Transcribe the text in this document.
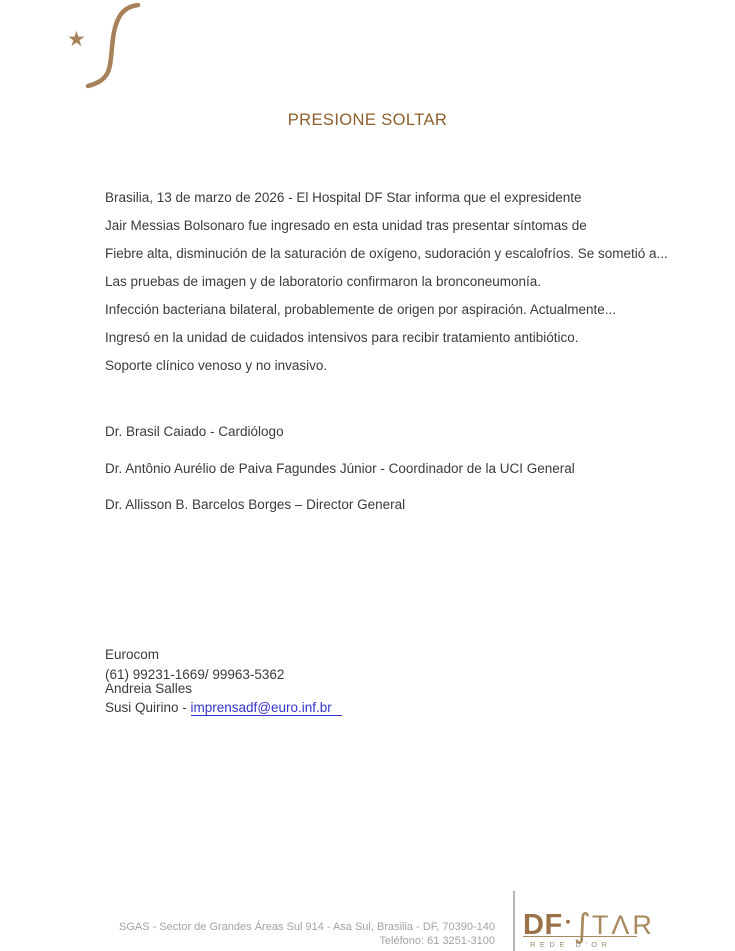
★
PRESIONE SOLTAR
Brasilia, 13 de marzo de 2026 - El Hospital DF Star informa que el expresidente
Jair Messias Bolsonaro fue ingresado en esta unidad tras presentar síntomas de
Fiebre alta, disminución de la saturación de oxígeno, sudoración y escalofríos. Se sometió a...
Las pruebas de imagen y de laboratorio confirmaron la bronconeumonía.
Infección bacteriana bilateral, probablemente de origen por aspiración. Actualmente...
Ingresó en la unidad de cuidados intensivos para recibir tratamiento antibiótico.
Soporte clínico venoso y no invasivo.
Dr. Brasil Caiado - Cardiólogo
Dr. Antônio Aurélio de Paiva Fagundes Júnior - Coordinador de la UCI General
Dr. Allisson B. Barcelos Borges – Director General
Eurocom
(61) 99231-1669/ 99963-5362
Andreia Salles
Susi Quirino - imprensadf@euro.inf.br
SGAS - Sector de Grandes Áreas Sul 914 - Asa Sul, Brasilia - DF, 70390-140
Teléfono: 61 3251-3100 DF · ∫ TΛR
REDE D'OR
